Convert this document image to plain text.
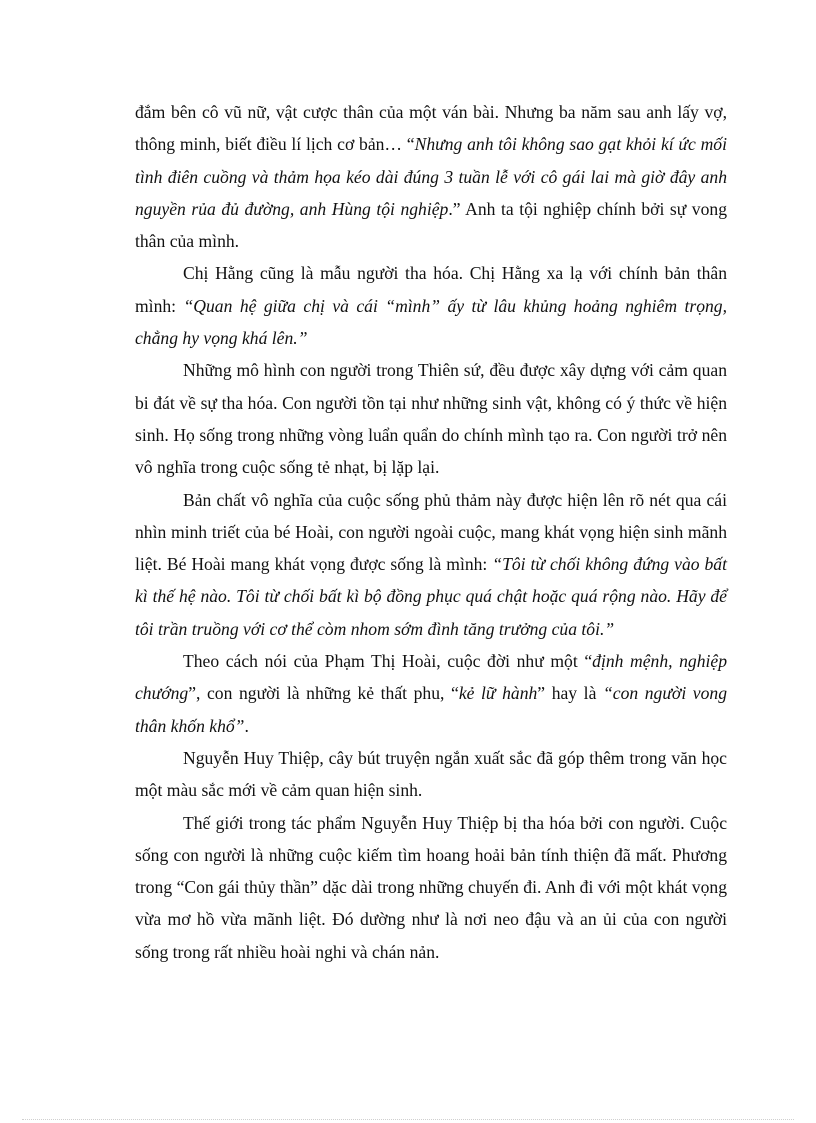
đắm bên cô vũ nữ, vật cược thân của một ván bài. Nhưng ba năm sau anh lấy vợ, thông minh, biết điều lí lịch cơ bản… “Nhưng anh tôi không sao gạt khỏi kí ức mối tình điên cuồng và thảm họa kéo dài đúng 3 tuần lễ với cô gái lai mà giờ đây anh nguyền rủa đủ đường, anh Hùng tội nghiệp.” Anh ta tội nghiệp chính bởi sự vong thân của mình.

Chị Hằng cũng là mẫu người tha hóa. Chị Hằng xa lạ với chính bản thân mình: “Quan hệ giữa chị và cái “mình” ấy từ lâu khủng hoảng nghiêm trọng, chẳng hy vọng khá lên.”

Những mô hình con người trong Thiên sứ, đều được xây dựng với cảm quan bi đát về sự tha hóa. Con người tồn tại như những sinh vật, không có ý thức về hiện sinh. Họ sống trong những vòng luẩn quẩn do chính mình tạo ra. Con người trở nên vô nghĩa trong cuộc sống tẻ nhạt, bị lặp lại.

Bản chất vô nghĩa của cuộc sống phủ thảm này được hiện lên rõ nét qua cái nhìn minh triết của bé Hoài, con người ngoài cuộc, mang khát vọng hiện sinh mãnh liệt. Bé Hoài mang khát vọng được sống là mình: “Tôi từ chối không đứng vào bất kì thế hệ nào. Tôi từ chối bất kì bộ đồng phục quá chật hoặc quá rộng nào. Hãy để tôi trần truồng với cơ thể còm nhom sớm đình tăng trưởng của tôi.”

Theo cách nói của Phạm Thị Hoài, cuộc đời như một “định mệnh, nghiệp chướng”, con người là những kẻ thất phu, “kẻ lữ hành” hay là “con người vong thân khốn khổ”.

Nguyễn Huy Thiệp, cây bút truyện ngắn xuất sắc đã góp thêm trong văn học một màu sắc mới về cảm quan hiện sinh.

Thế giới trong tác phẩm Nguyễn Huy Thiệp bị tha hóa bởi con người. Cuộc sống con người là những cuộc kiếm tìm hoang hoải bản tính thiện đã mất. Phương trong “Con gái thủy thần” dặc dài trong những chuyến đi. Anh đi với một khát vọng vừa mơ hồ vừa mãnh liệt. Đó dường như là nơi neo đậu và an ủi của con người sống trong rất nhiều hoài nghi và chán nản.
